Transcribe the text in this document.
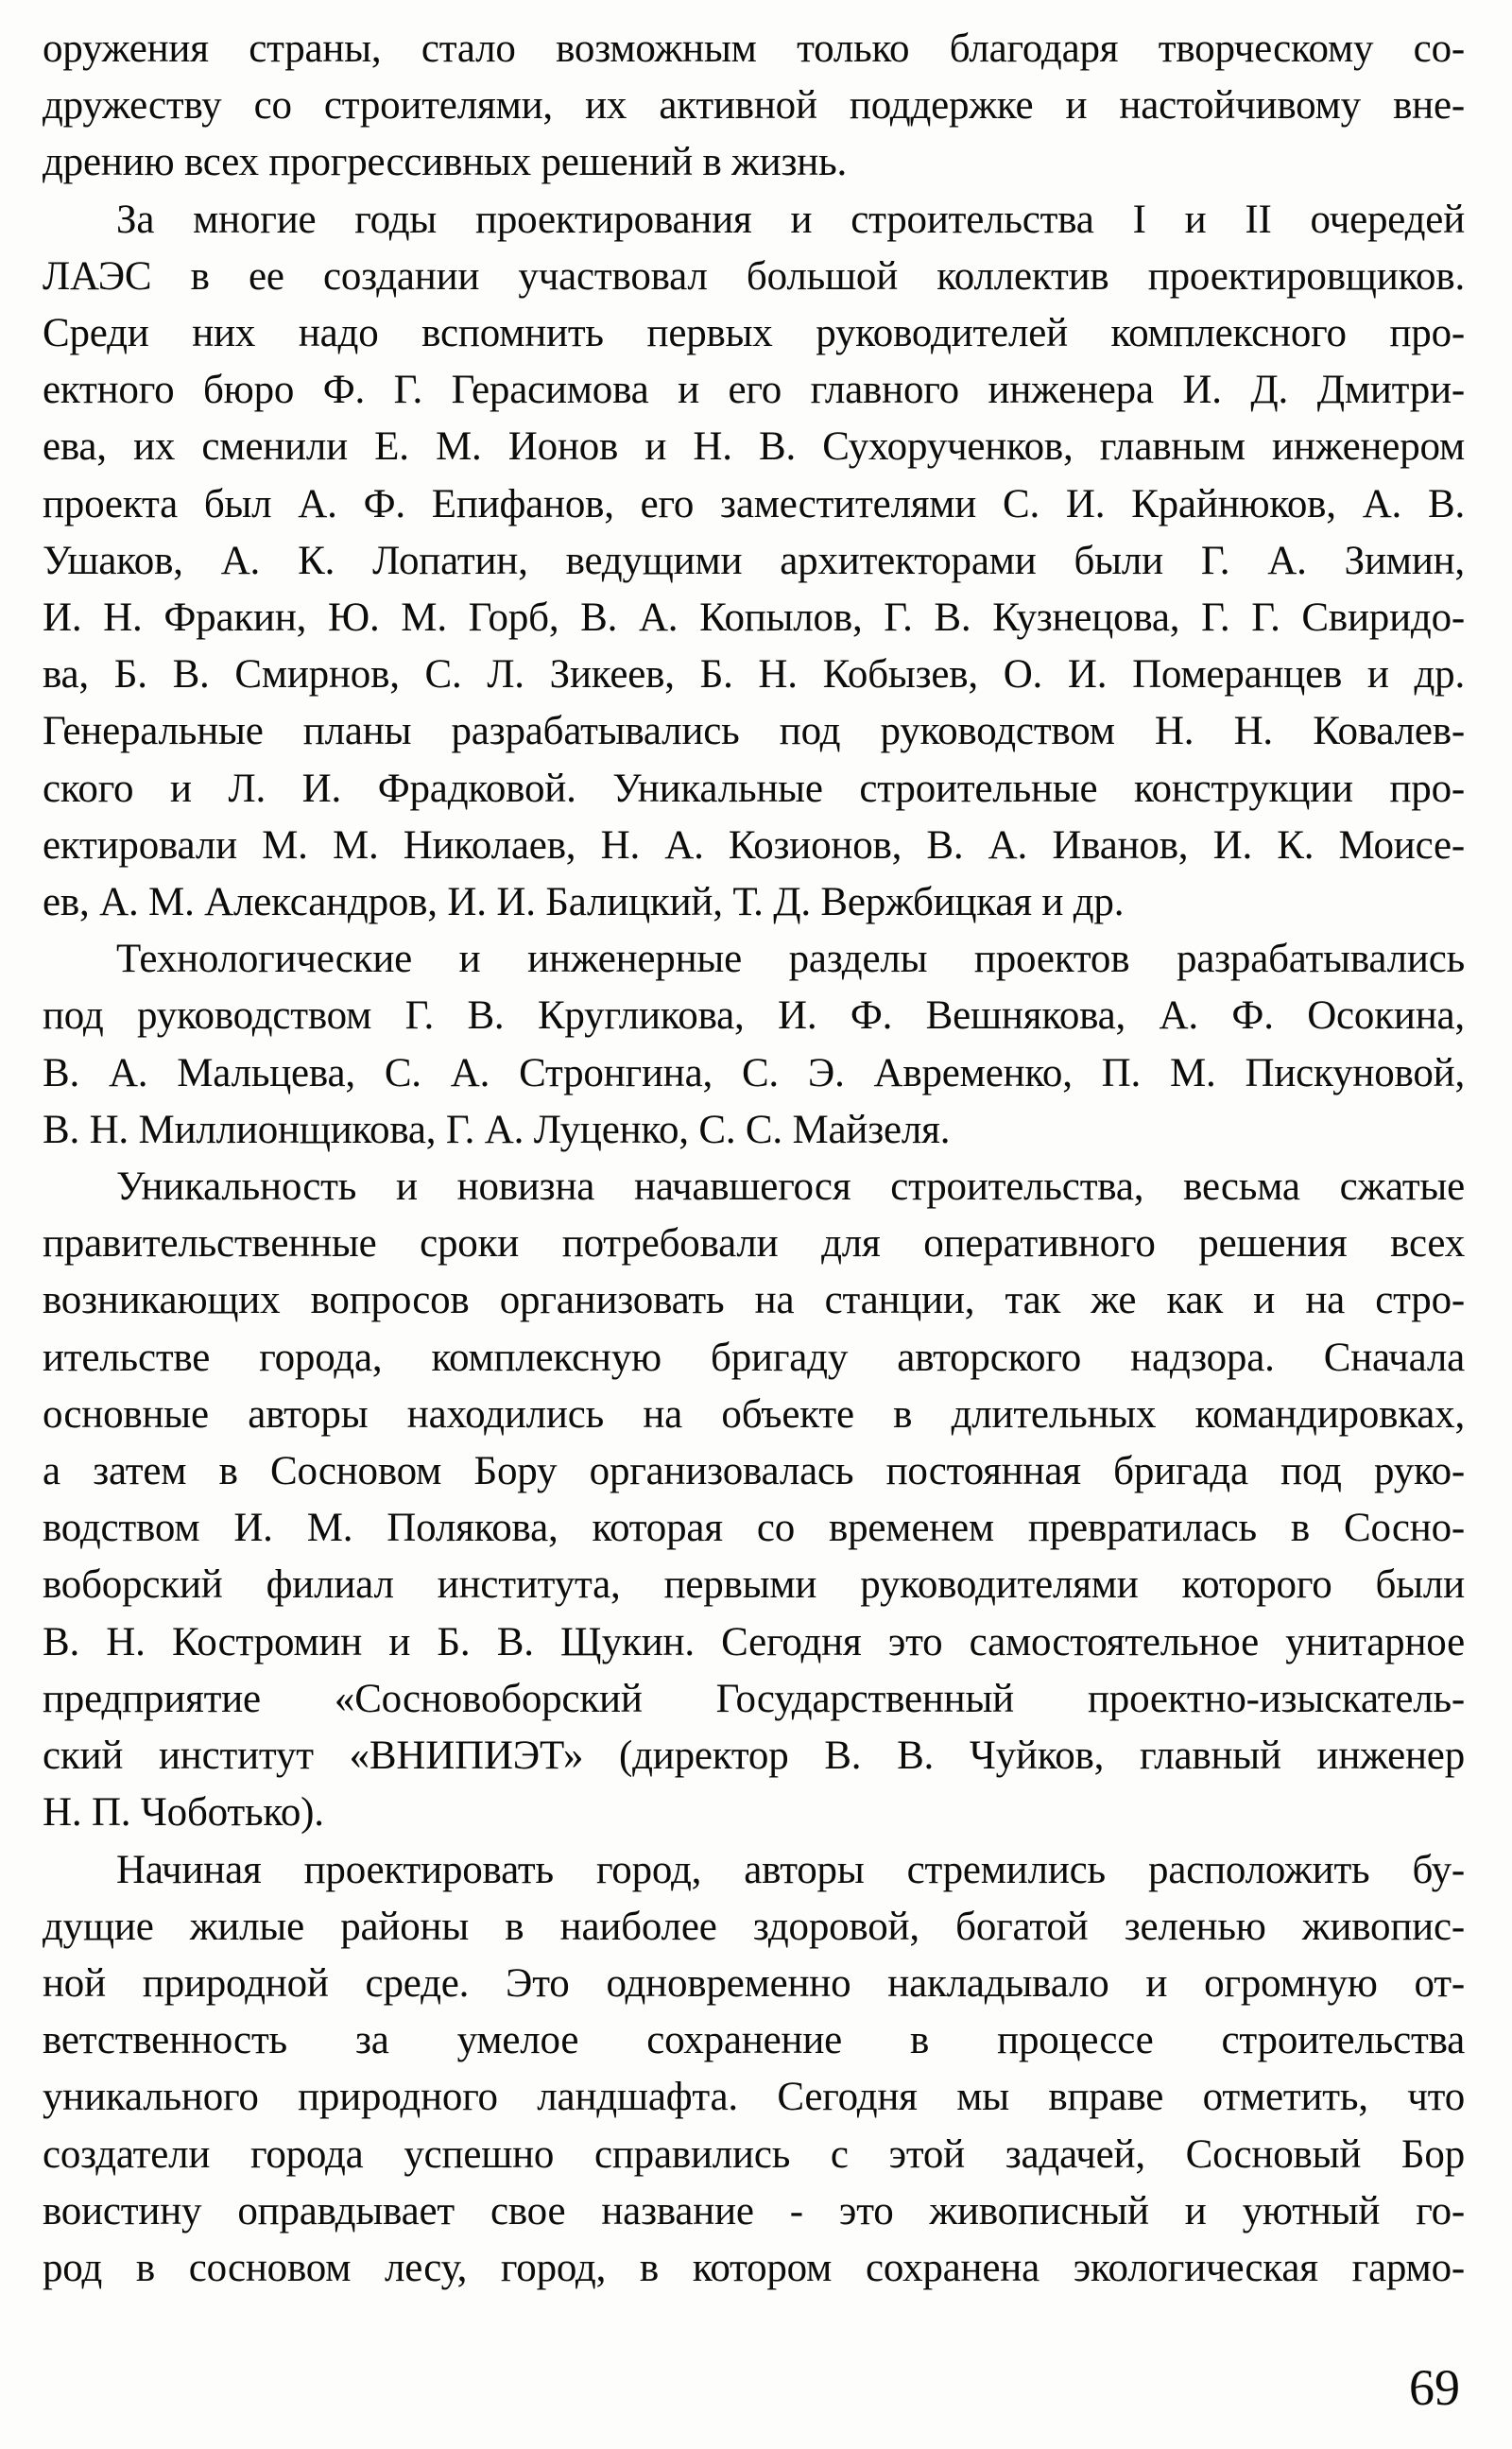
оружения страны, стало возможным только благодаря творческому со-
дружеству со строителями, их активной поддержке и настойчивому вне-
дрению всех прогрессивных решений в жизнь.
За многие годы проектирования и строительства I и II очередей
ЛАЭС в ее создании участвовал большой коллектив проектировщиков.
Среди них надо вспомнить первых руководителей комплексного про-
ектного бюро Ф. Г. Герасимова и его главного инженера И. Д. Дмитри-
ева, их сменили Е. М. Ионов и Н. В. Сухорученков, главным инженером
проекта был А. Ф. Епифанов, его заместителями С. И. Крайнюков, А. В.
Ушаков, А. К. Лопатин, ведущими архитекторами были Г. А. Зимин,
И. Н. Фракин, Ю. М. Горб, В. А. Копылов, Г. В. Кузнецова, Г. Г. Свиридо-
ва, Б. В. Смирнов, С. Л. Зикеев, Б. Н. Кобызев, О. И. Померанцев и др.
Генеральные планы разрабатывались под руководством Н. Н. Ковалев-
ского и Л. И. Фрадковой. Уникальные строительные конструкции про-
ектировали М. М. Николаев, Н. А. Козионов, В. А. Иванов, И. К. Моисе-
ев, А. М. Александров, И. И. Балицкий, Т. Д. Вержбицкая и др.
Технологические и инженерные разделы проектов разрабатывались
под руководством Г. В. Кругликова, И. Ф. Вешнякова, А. Ф. Осокина,
В. А. Мальцева, С. А. Стронгина, С. Э. Авременко, П. М. Пискуновой,
В. Н. Миллионщикова, Г. А. Луценко, С. С. Майзеля.
Уникальность и новизна начавшегося строительства, весьма сжатые
правительственные сроки потребовали для оперативного решения всех
возникающих вопросов организовать на станции, так же как и на стро-
ительстве города, комплексную бригаду авторского надзора. Сначала
основные авторы находились на объекте в длительных командировках,
а затем в Сосновом Бору организовалась постоянная бригада под руко-
водством И. М. Полякова, которая со временем превратилась в Сосно-
воборский филиал института, первыми руководителями которого были
В. Н. Костромин и Б. В. Щукин. Сегодня это самостоятельное унитарное
предприятие «Сосновоборский Государственный проектно-изыскатель-
ский институт «ВНИПИЭТ» (директор В. В. Чуйков, главный инженер
Н. П. Чоботько).
Начиная проектировать город, авторы стремились расположить бу-
дущие жилые районы в наиболее здоровой, богатой зеленью живопис-
ной природной среде. Это одновременно накладывало и огромную от-
ветственность за умелое сохранение в процессе строительства
уникального природного ландшафта. Сегодня мы вправе отметить, что
создатели города успешно справились с этой задачей, Сосновый Бор
воистину оправдывает свое название - это живописный и уютный го-
род в сосновом лесу, город, в котором сохранена экологическая гармо-
69
